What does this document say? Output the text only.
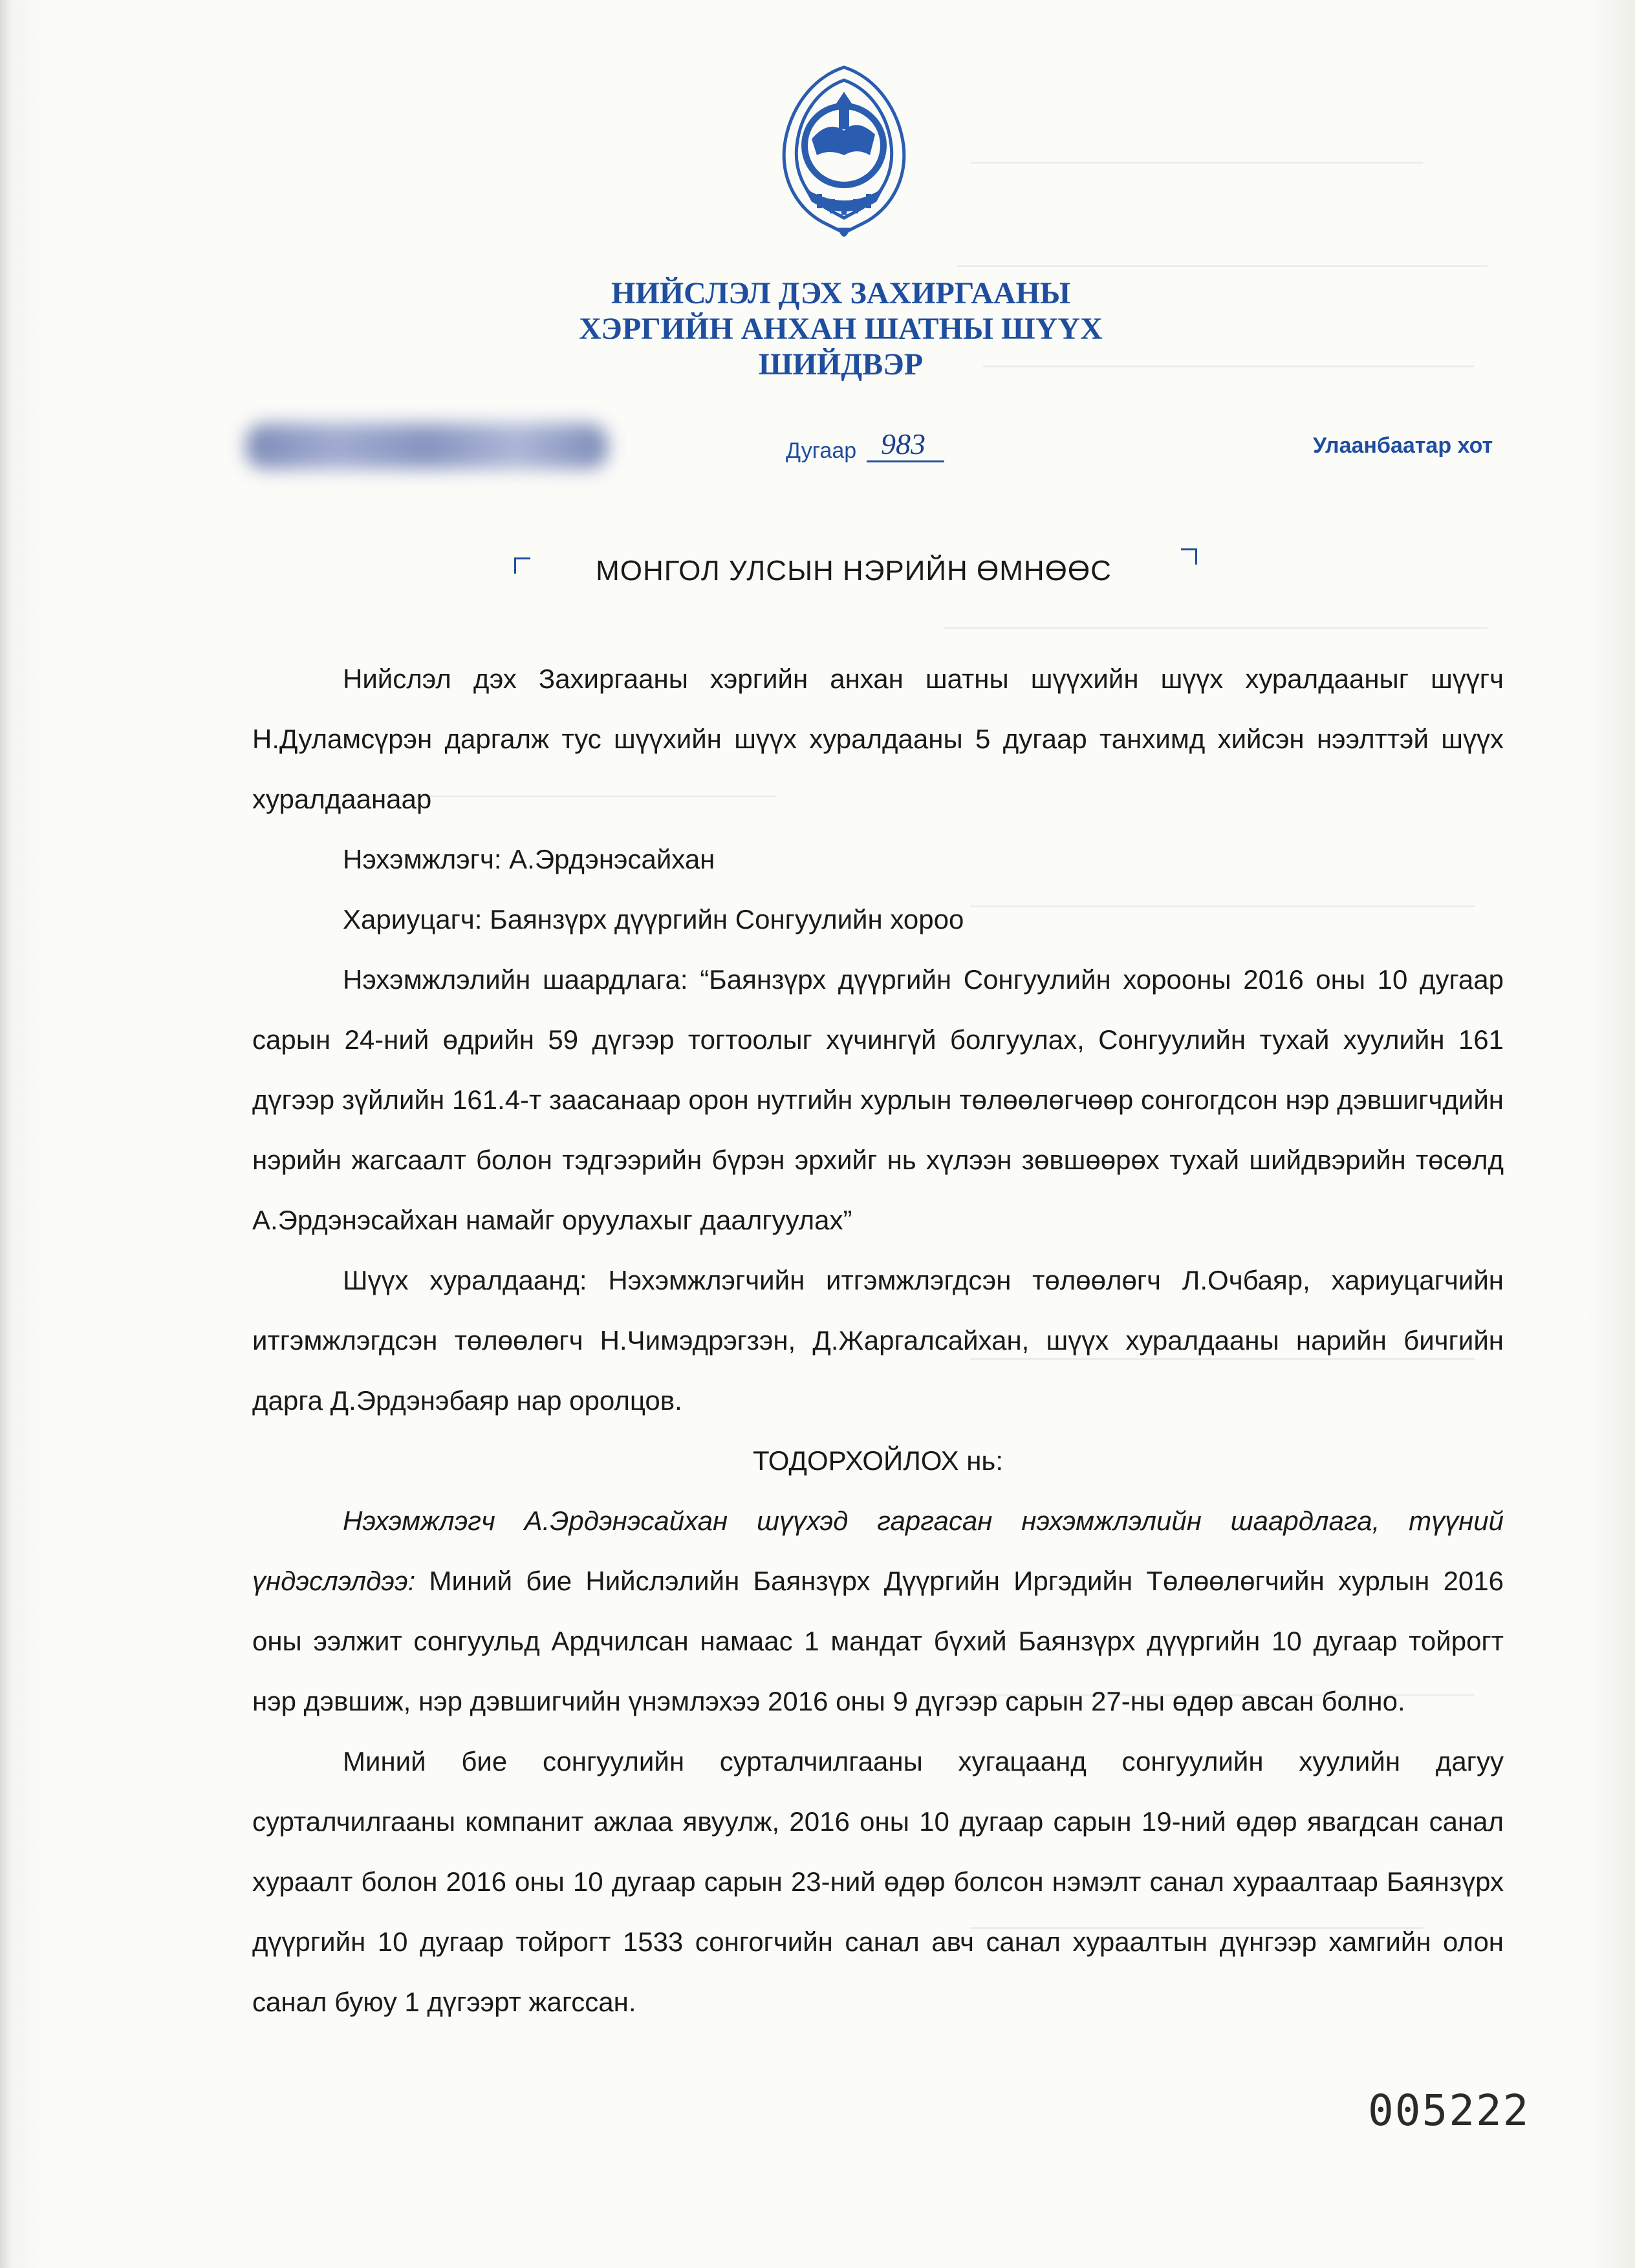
НИЙСЛЭЛ ДЭХ ЗАХИРГААНЫ
ХЭРГИЙН АНХАН ШАТНЫ ШҮҮХ
ШИЙДВЭР
Дугаар 983	Улаанбаатар хот
МОНГОЛ УЛСЫН НЭРИЙН ӨМНӨӨС

Нийслэл дэх Захиргааны хэргийн анхан шатны шүүхийн шүүх хуралдааныг шүүгч Н.Дуламсүрэн даргалж тус шүүхийн шүүх хуралдааны 5 дугаар танхимд хийсэн нээлттэй шүүх хуралдаанаар

Нэхэмжлэгч: А.Эрдэнэсайхан

Хариуцагч: Баянзүрх дүүргийн Сонгуулийн хороо

Нэхэмжлэлийн шаардлага: “Баянзүрх дүүргийн Сонгуулийн хорооны 2016 оны 10 дугаар сарын 24-ний өдрийн 59 дүгээр тогтоолыг хүчингүй болгуулах, Сонгуулийн тухай хуулийн 161 дүгээр зүйлийн 161.4-т заасанаар орон нутгийн хурлын төлөөлөгчөөр сонгогдсон нэр дэвшигчдийн нэрийн жагсаалт болон тэдгээрийн бүрэн эрхийг нь хүлээн зөвшөөрөх тухай шийдвэрийн төсөлд А.Эрдэнэсайхан намайг оруулахыг даалгуулах”

Шүүх хуралдаанд: Нэхэмжлэгчийн итгэмжлэгдсэн төлөөлөгч Л.Очбаяр, хариуцагчийн итгэмжлэгдсэн төлөөлөгч Н.Чимэдрэгзэн, Д.Жаргалсайхан, шүүх хуралдааны нарийн бичгийн дарга Д.Эрдэнэбаяр нар оролцов.

ТОДОРХОЙЛОХ нь:

Нэхэмжлэгч А.Эрдэнэсайхан шүүхэд гаргасан нэхэмжлэлийн шаардлага, түүний үндэслэлдээ: Миний бие Нийслэлийн Баянзүрх Дүүргийн Иргэдийн Төлөөлөгчийн хурлын 2016 оны ээлжит сонгуульд Ардчилсан намаас 1 мандат бүхий Баянзүрх дүүргийн 10 дугаар тойрогт нэр дэвшиж, нэр дэвшигчийн үнэмлэхээ 2016 оны 9 дүгээр сарын 27-ны өдөр авсан болно.

Миний бие сонгуулийн сурталчилгааны хугацаанд сонгуулийн хуулийн дагуу сурталчилгааны компанит ажлаа явуулж, 2016 оны 10 дугаар сарын 19-ний өдөр явагдсан санал хураалт болон 2016 оны 10 дугаар сарын 23-ний өдөр болсон нэмэлт санал хураалтаар Баянзүрх дүүргийн 10 дугаар тойрогт 1533 сонгогчийн санал авч санал хураалтын дүнгээр хамгийн олон санал буюу 1 дүгээрт жагссан.

005222
